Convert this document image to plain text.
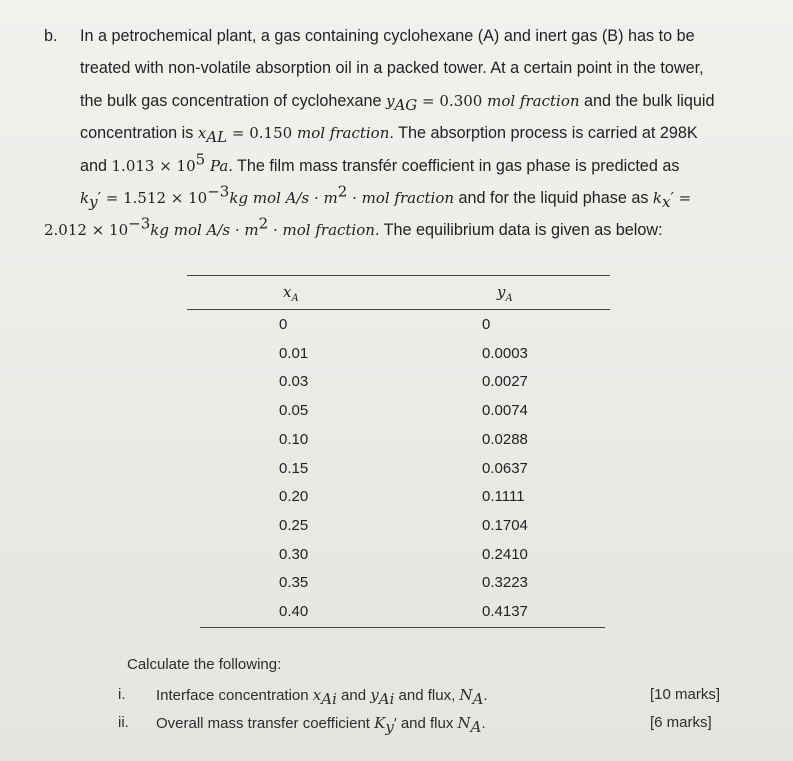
b. In a petrochemical plant, a gas containing cyclohexane (A) and inert gas (B) has to be
treated with non-volatile absorption oil in a packed tower. At a certain point in the tower,
the bulk gas concentration of cyclohexane $y_{AG} = 0.300$ mol fraction and the bulk liquid
concentration is $x_{AL} = 0.150$ mol fraction. The absorption process is carried at 298K
and $1.013 \times 10^5$ Pa. The film mass transfér coefficient in gas phase is predicted as
$k_y' = 1.512 \times 10^{-3}kg$ mol $A/s \cdot m^2$ · mol fraction and for the liquid phase as $k_x'$ =
$2.012 \times 10^{-3}kg$ mol $A/s \cdot m^2$ · mol fraction. The equilibrium data is given as below:
$x_A$	$y_A$
0	0
0.01	0.0003
0.03	0.0027
0.05	0.0074
0.10	0.0288
0.15	0.0637
0.20	0.1111
0.25	0.1704
0.30	0.2410
0.35	0.3223
0.40	0.4137
Calculate the following:
i. Interface concentration $x_{Ai}$ and $y_{Ai}$ and flux, $N_A$.	[10 marks]
ii. Overall mass transfer coefficient $K_y'$ and flux $N_A$.	[6 marks]
